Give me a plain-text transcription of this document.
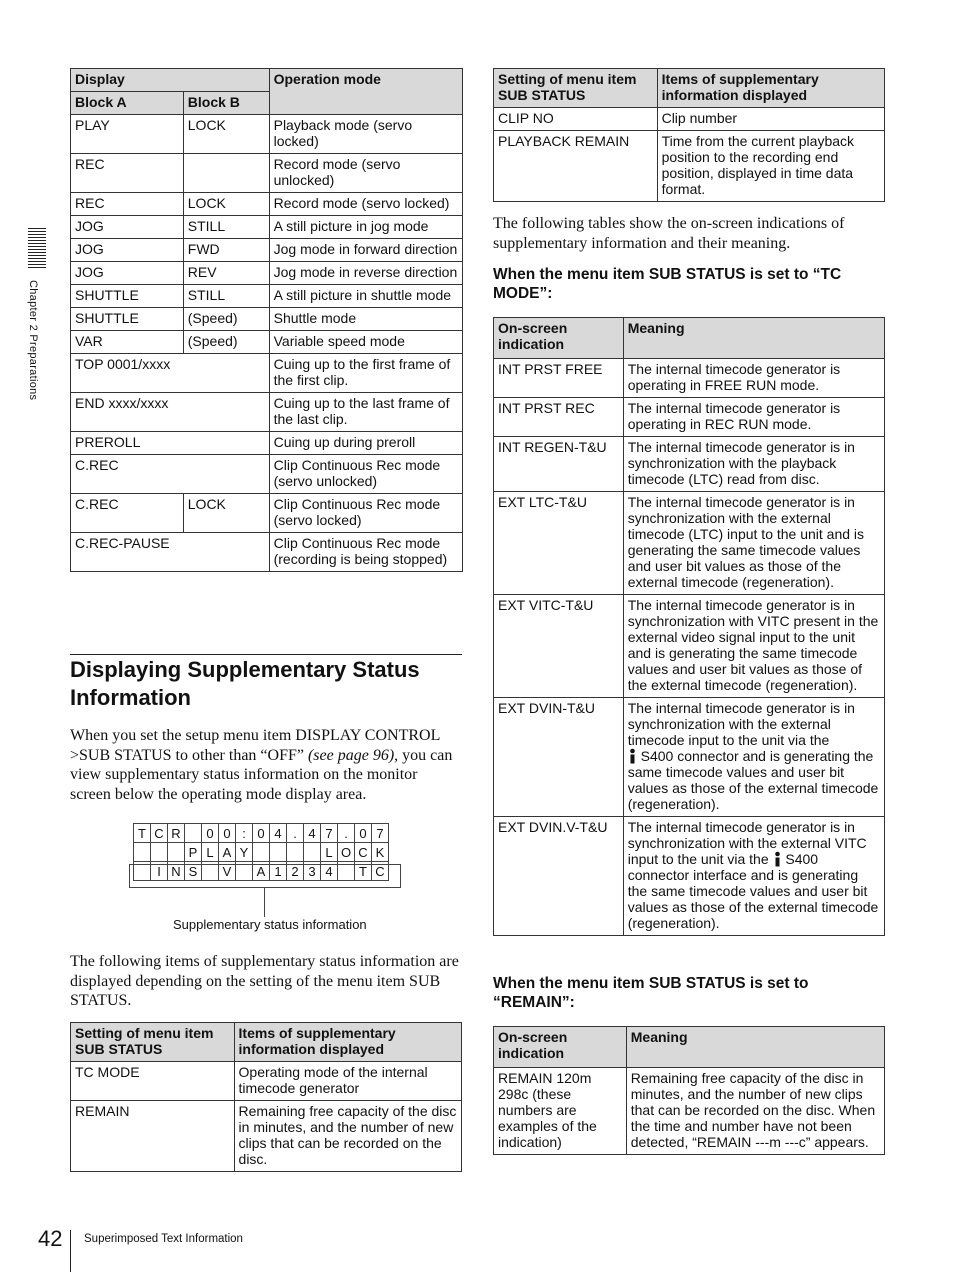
Chapter 2 Preparations
Display		Operation mode
Block A	Block B	
PLAY	LOCK	Playback mode (servo locked)
REC		Record mode (servo unlocked)
REC	LOCK	Record mode (servo locked)
JOG	STILL	A still picture in jog mode
JOG	FWD	Jog mode in forward direction
JOG	REV	Jog mode in reverse direction
SHUTTLE	STILL	A still picture in shuttle mode
SHUTTLE	(Speed)	Shuttle mode
VAR	(Speed)	Variable speed mode
TOP 0001/xxxx		Cuing up to the first frame of the first clip.
END xxxx/xxxx		Cuing up to the last frame of the last clip.
PREROLL		Cuing up during preroll
C.REC		Clip Continuous Rec mode (servo unlocked)
C.REC	LOCK	Clip Continuous Rec mode (servo locked)
C.REC-PAUSE		Clip Continuous Rec mode (recording is being stopped)
Displaying Supplementary Status Information
When you set the setup menu item DISPLAY CONTROL >SUB STATUS to other than “OFF” (see page 96), you can view supplementary status information on the monitor screen below the operating mode display area.
T	C	R		0	0	:	0	4	.	4	7	.	0	7
			P	L	A	Y					L	O	C	K
	I	N	S		V		A	1	2	3	4		T	C
Supplementary status information
The following items of supplementary status information are displayed depending on the setting of the menu item SUB STATUS.
Setting of menu item SUB STATUS	Items of supplementary information displayed
TC MODE	Operating mode of the internal timecode generator
REMAIN	Remaining free capacity of the disc in minutes, and the number of new clips that can be recorded on the disc.
Setting of menu item SUB STATUS	Items of supplementary information displayed
CLIP NO	Clip number
PLAYBACK REMAIN	Time from the current playback position to the recording end position, displayed in time data format.
The following tables show the on-screen indications of supplementary information and their meaning.
When the menu item SUB STATUS is set to “TC MODE”:
On-screen indication	Meaning
INT PRST FREE	The internal timecode generator is operating in FREE RUN mode.
INT PRST REC	The internal timecode generator is operating in REC RUN mode.
INT REGEN-T&U	The internal timecode generator is in synchronization with the playback timecode (LTC) read from disc.
EXT LTC-T&U	The internal timecode generator is in synchronization with the external timecode (LTC) input to the unit and is generating the same timecode values and user bit values as those of the external timecode (regeneration).
EXT VITC-T&U	The internal timecode generator is in synchronization with VITC present in the external video signal input to the unit and is generating the same timecode values and user bit values as those of the external timecode (regeneration).
EXT DVIN-T&U	The internal timecode generator is in synchronization with the external timecode input to the unit via the
S400 connector and is generating the same timecode values and user bit values as those of the external timecode (regeneration).
EXT DVIN.V-T&U	The internal timecode generator is in synchronization with the external VITC input to the unit via the S400 connector interface and is generating the same timecode values and user bit values as those of the external timecode (regeneration).
When the menu item SUB STATUS is set to “REMAIN”:
On-screen indication	Meaning
REMAIN 120m 298c (these numbers are examples of the indication)	Remaining free capacity of the disc in minutes, and the number of new clips that can be recorded on the disc. When the time and number have not been detected, “REMAIN ---m ---c” appears.
42 Superimposed Text Information
